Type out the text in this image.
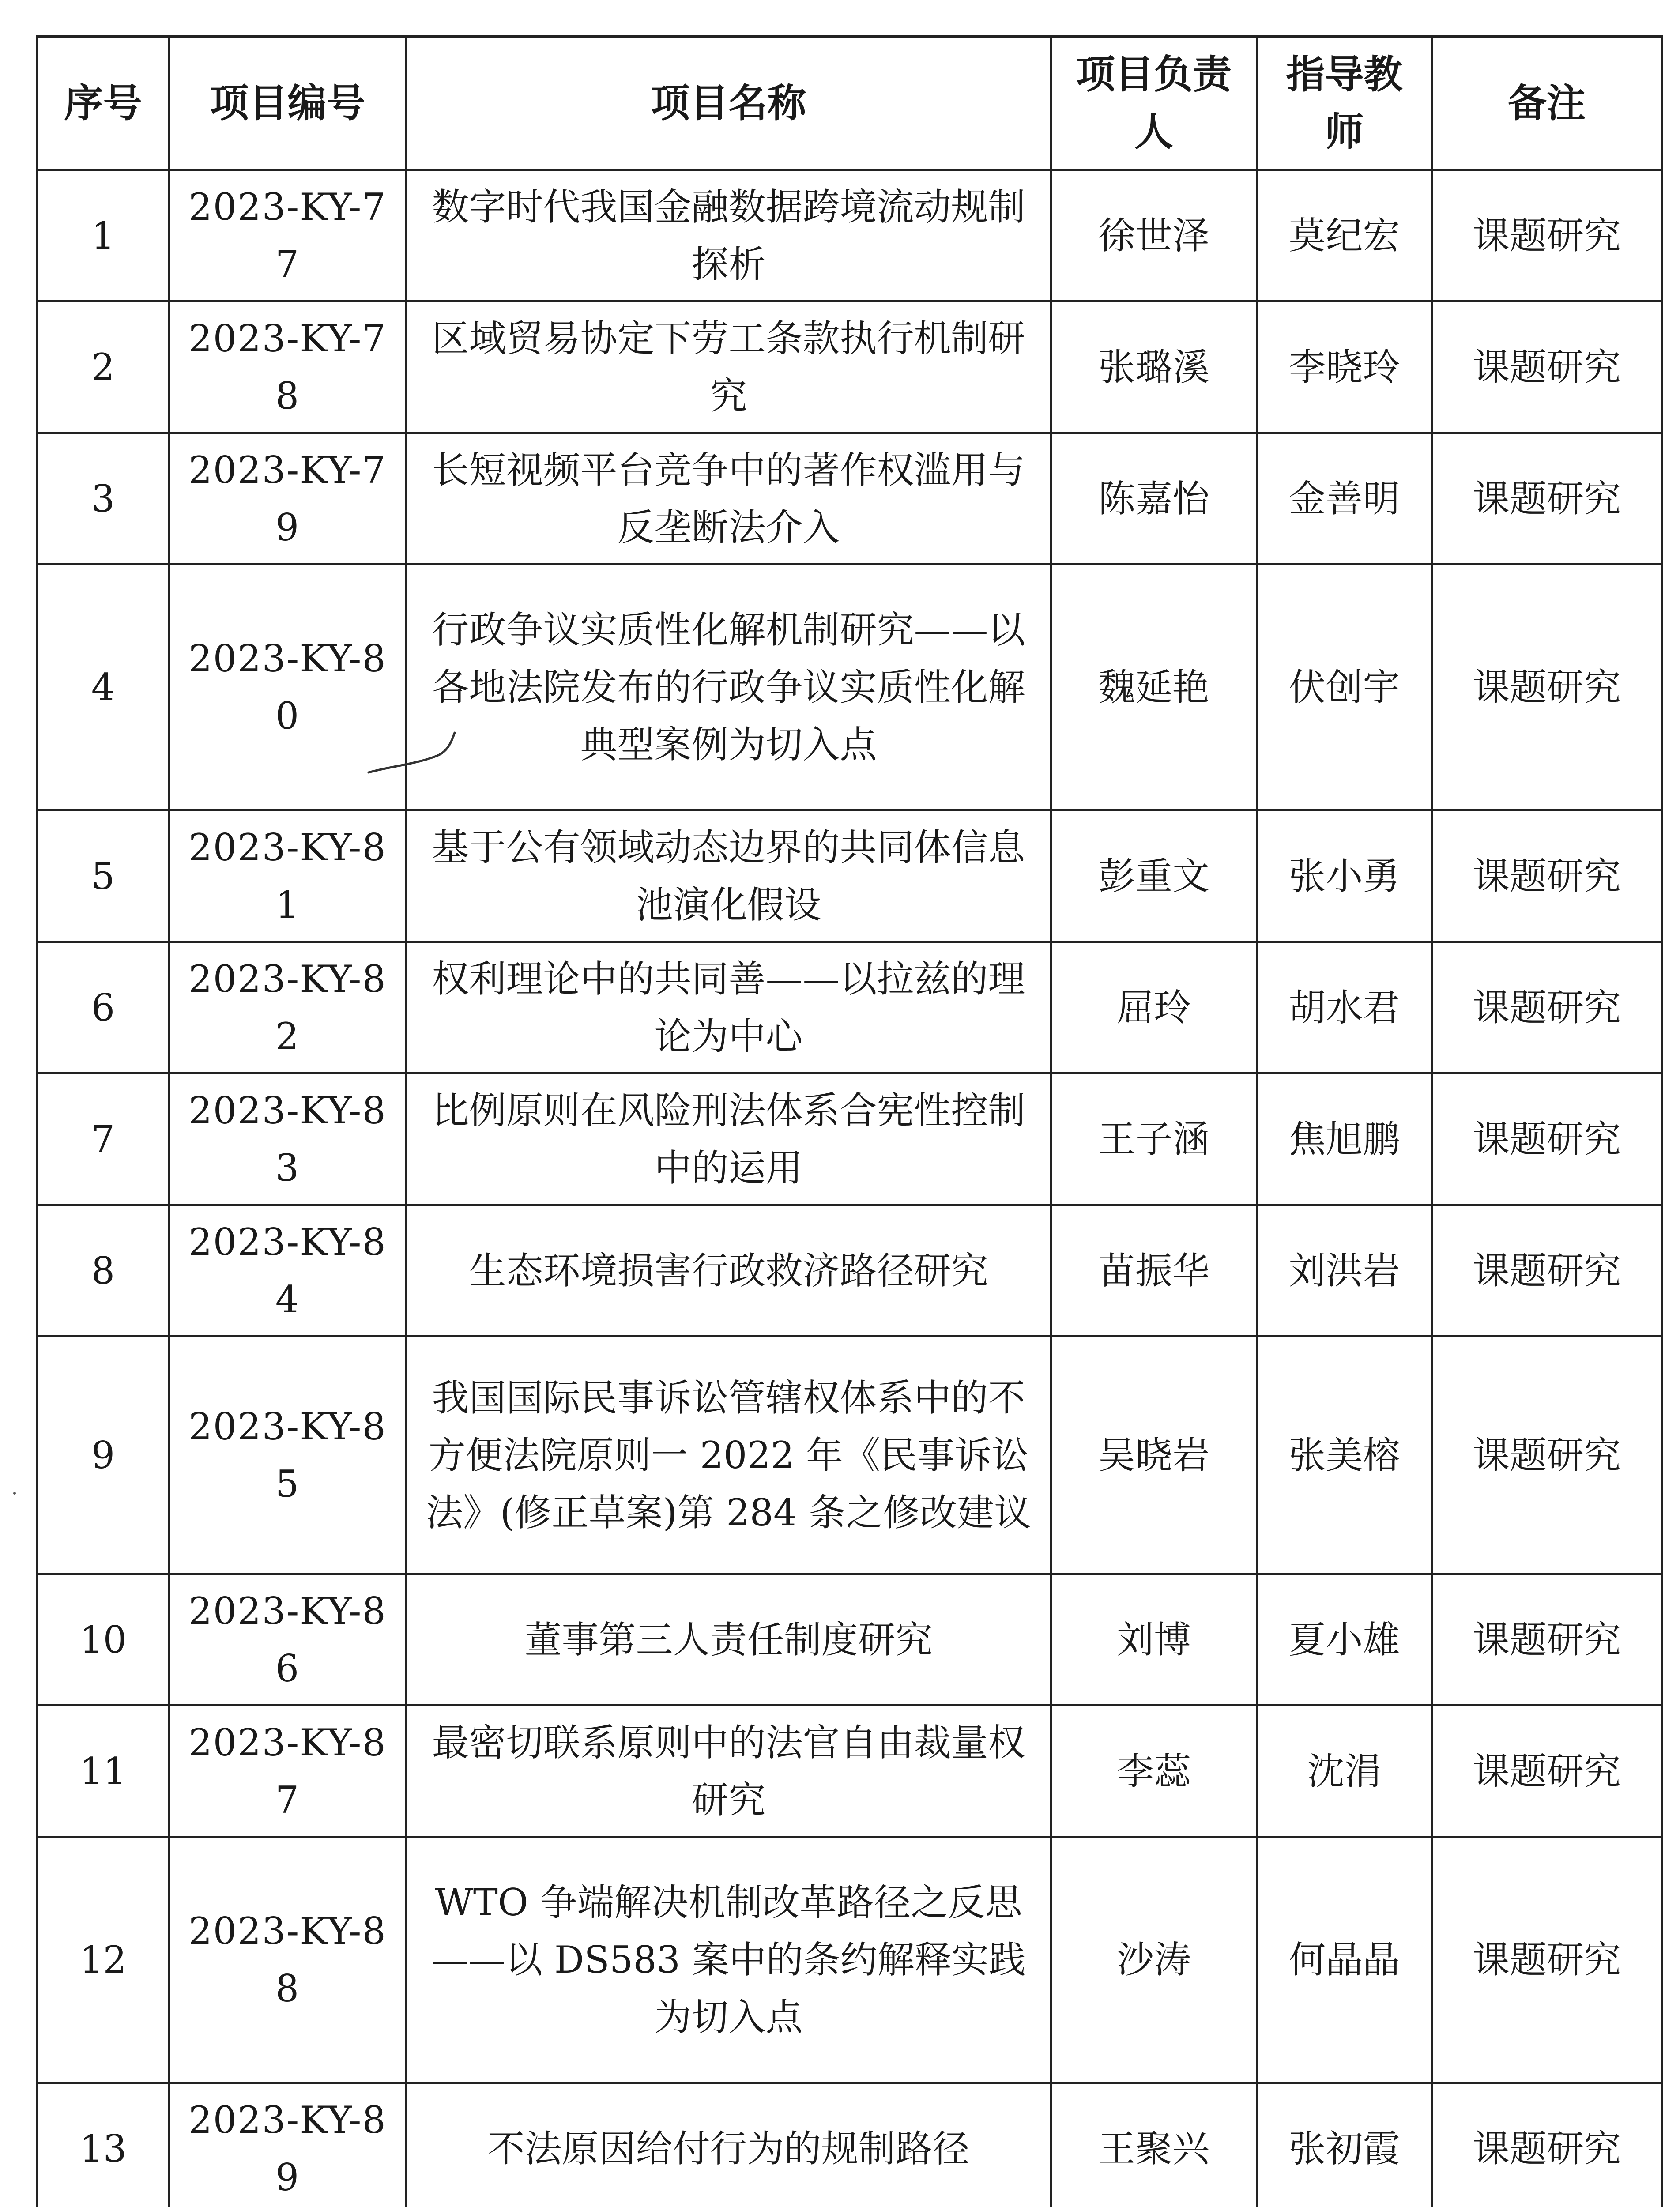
序号	项目编号	项目名称	项目负责人	指导教师	备注
1	2023-KY-77	数字时代我国金融数据跨境流动规制探析	徐世泽	莫纪宏	课题研究
2	2023-KY-78	区域贸易协定下劳工条款执行机制研究	张璐溪	李晓玲	课题研究
3	2023-KY-79	长短视频平台竞争中的著作权滥用与反垄断法介入	陈嘉怡	金善明	课题研究
4	2023-KY-80	行政争议实质性化解机制研究——以各地法院发布的行政争议实质性化解典型案例为切入点	魏延艳	伏创宇	课题研究
5	2023-KY-81	基于公有领域动态边界的共同体信息池演化假设	彭重文	张小勇	课题研究
6	2023-KY-82	权利理论中的共同善——以拉兹的理论为中心	屈玲	胡水君	课题研究
7	2023-KY-83	比例原则在风险刑法体系合宪性控制中的运用	王子涵	焦旭鹏	课题研究
8	2023-KY-84	生态环境损害行政救济路径研究	苗振华	刘洪岩	课题研究
9	2023-KY-85	我国国际民事诉讼管辖权体系中的不方便法院原则一 2022 年《民事诉讼法》(修正草案)第 284 条之修改建议	吴晓岩	张美榕	课题研究
10	2023-KY-86	董事第三人责任制度研究	刘博	夏小雄	课题研究
11	2023-KY-87	最密切联系原则中的法官自由裁量权研究	李蕊	沈涓	课题研究
12	2023-KY-88	WTO 争端解决机制改革路径之反思——以 DS583 案中的条约解释实践为切入点	沙涛	何晶晶	课题研究
13	2023-KY-89	不法原因给付行为的规制路径	王聚兴	张初霞	课题研究
